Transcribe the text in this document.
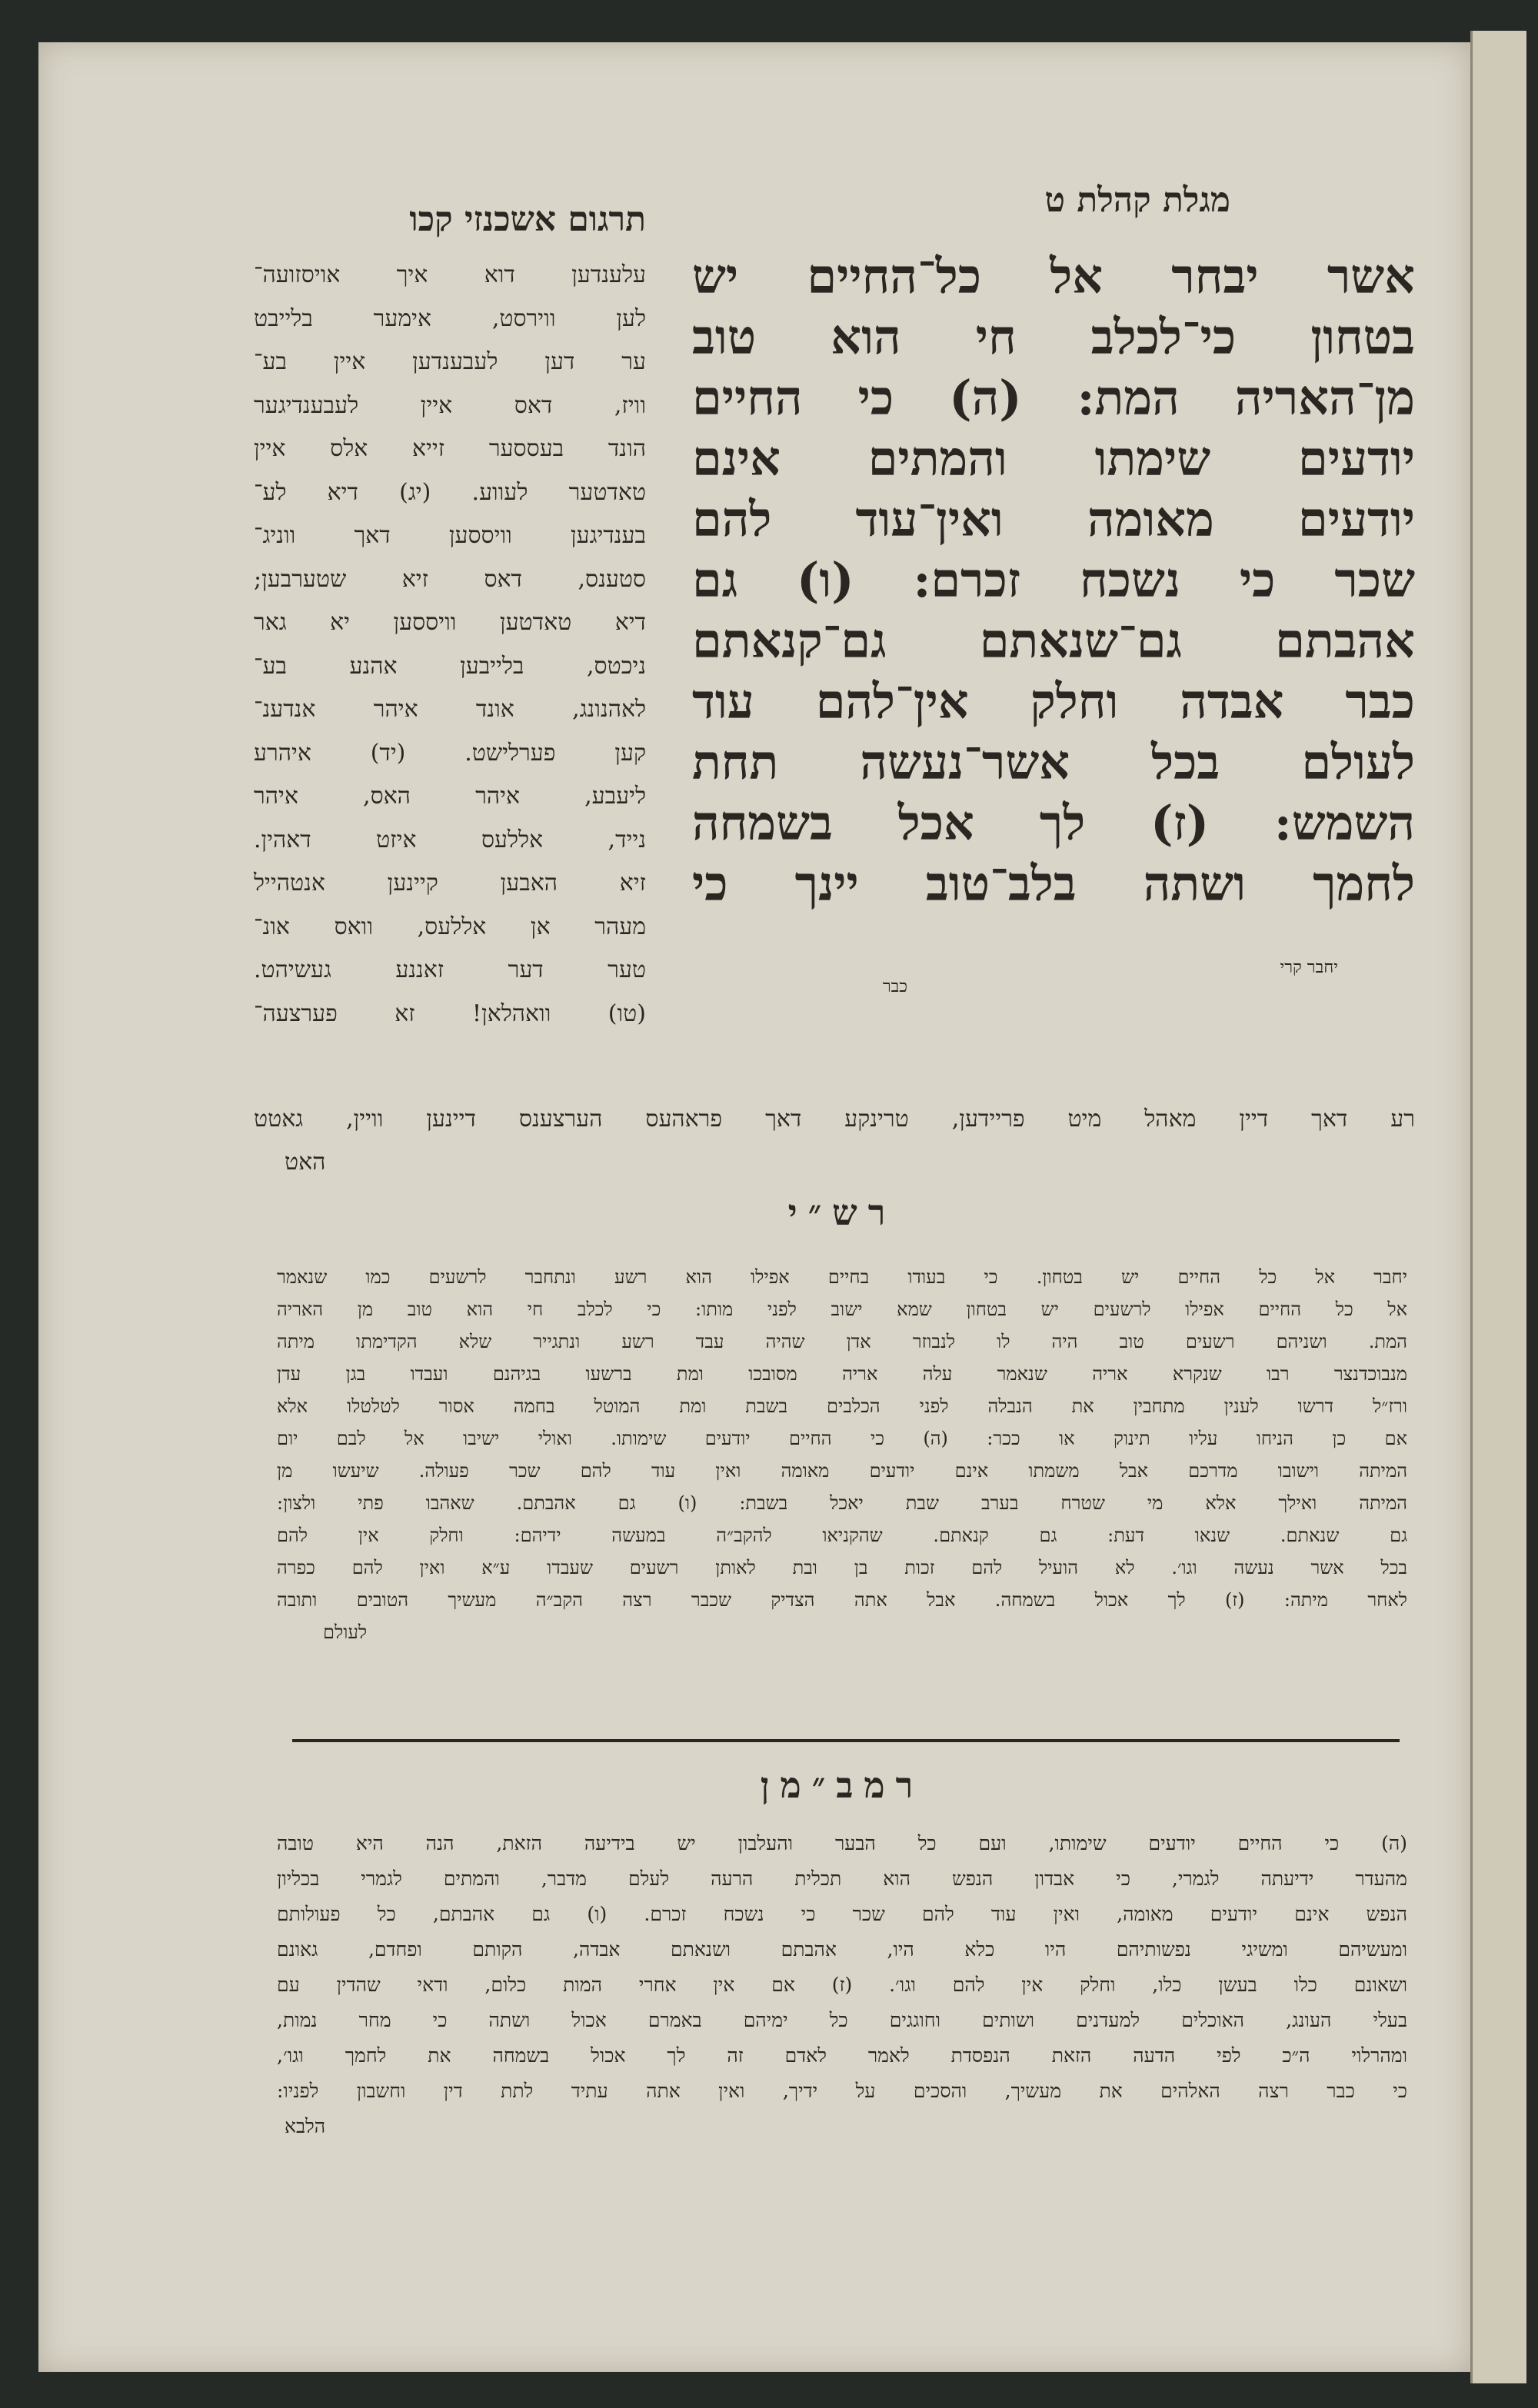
מגלת קהלת ט
תרגום אשכנזי קכו
אשר יבחר אל כל־החיים יש
בטחון כי־לכלב חי הוא טוב
מן־האריה המת: (ה) כי החיים
יודעים שימתו והמתים אינם
יודעים מאומה ואין־עוד להם
שכר כי נשכח זכרם: (ו) גם
אהבתם גם־שנאתם גם־קנאתם
כבר אבדה וחלק אין־להם עוד
לעולם בכל אשר־נעשה תחת
השמש: (ז) לך אכל בשמחה
לחמך ושתה בלב־טוב יינך כי
יחבר קרי
כבר
עלענדען דוא איך אויסזועה־
לען ווירסט, אימער בלייבט
ער דען לעבענדען איין בע־
וויז, דאס איין לעבענדיגער
הונד בעססער זייא אלס איין
טאדטער לעווע. (יג) דיא לע־
בענדיגען וויססען דאך ווניג־
סטענס, דאס זיא שטערבען;
דיא טאדטען וויססען יא גאר
ניכטס, בלייבען אהנע בע־
לאהנונג, אונד איהר אנדענ־
קען פערלישט. (יד) איהרע
ליעבע, איהר האס, איהר
נייד, אללעס איזט דאהין.
זיא האבען קיינען אנטהייל
מעהר אן אללעס, וואס אונ־
טער דער זאננע געשיהט.
(טו) וואהלאן! זא פערצעה־
רע דאך דיין מאהל מיט פריידען, טרינקע דאך פראהעס הערצענס דיינען וויין, גאטט
האט
רש״י
יחבר אל כל החיים יש בטחון. כי בעודו בחיים אפילו הוא רשע ונתחבר לרשעים כמו שנאמר
אל כל החיים אפילו לרשעים יש בטחון שמא ישוב לפני מותו: כי לכלב חי הוא טוב מן האריה
המת. ושניהם רשעים טוב היה לו לנבוזר אדן שהיה עבד רשע ונתגייר שלא הקדימתו מיתה
מנבוכדנצר רבו שנקרא אריה שנאמר עלה אריה מסובכו ומת ברשעו בגיהנם ועבדו בגן עדן
ורז״ל דרשו לענין מתחבין את הנבלה לפני הכלבים בשבת ומת המוטל בחמה אסור לטלטלו אלא
אם כן הניחו עליו תינוק או ככר: (ה) כי החיים יודעים שימותו. ואולי ישיבו אל לבם יום
המיתה וישובו מדרכם אבל משמתו אינם יודעים מאומה ואין עוד להם שכר פעולה. שיעשו מן
המיתה ואילך אלא מי שטרח בערב שבת יאכל בשבת: (ו) גם אהבתם. שאהבו פתי ולצון:
גם שנאתם. שנאו דעת: גם קנאתם. שהקניאו להקב״ה במעשה ידיהם: וחלק אין להם
בכל אשר נעשה וגו׳. לא הועיל להם זכות בן ובת לאותן רשעים שעבדו ע״א ואין להם כפרה
לאחר מיתה: (ז) לך אכול בשמחה. אבל אתה הצדיק שכבר רצה הקב״ה מעשיך הטובים ותובה
לעולם
רמב״מן
(ה) כי החיים יודעים שימותו, ועם כל הבער והעלבון יש בידיעה הזאת, הנה היא טובה
מהעדר ידיעתה לגמרי, כי אבדון הנפש הוא תכלית הרעה לעלם מדבר, והמתים לגמרי בכליון
הנפש אינם יודעים מאומה, ואין עוד להם שכר כי נשכח זכרם. (ו) גם אהבתם, כל פעולותם
ומעשיהם ומשיגי נפשותיהם היו כלא היו, אהבתם ושנאתם אבדה, הקותם ופחדם, גאונם
ושאונם כלו בעשן כלו, וחלק אין להם וגו׳. (ז) אם אין אחרי המות כלום, ודאי שהדין עם
בעלי העונג, האוכלים למעדנים ושותים וחוגגים כל ימיהם באמרם אכול ושתה כי מחר נמות,
ומהרלוי ה״כ לפי הדעה הזאת הנפסדת לאמר לאדם זה לך אכול בשמחה את לחמך וגו׳,
כי כבר רצה האלהים את מעשיך, והסכים על ידיך, ואין אתה עתיד לתת דין וחשבון לפניו:
הלבא
